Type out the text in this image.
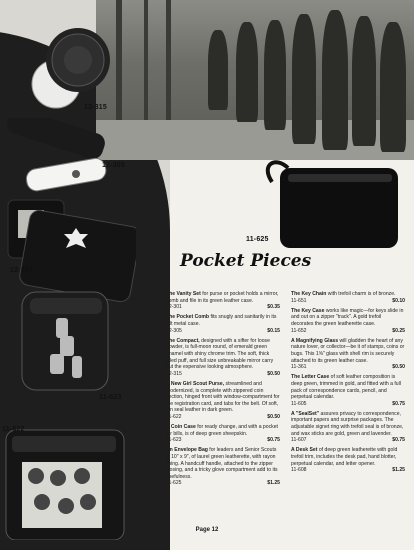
12-315
12-305
12-301
11-623
11-622
11-625
Pocket Pieces

The Vanity Set for purse or pocket holds a mirror, comb and file in its green leather case.
12-301	$0.35

The Pocket Comb fits snugly and sanitarily in its gilt metal case.
12-305	$0.15

The Compact, designed with a sifter for loose powder, is full-moon round, of emerald green enamel with shiny chrome trim. The soft, thick piled puff, and full size unbreakable mirror carry out the expensive looking atmosphere.
12-315	$0.50

A New Girl Scout Purse, streamlined and modernized, is complete with zippered coin section, hinged front with window-compartment for the registration card, and tabs for the belt. Of soft, pin seal leather in dark green.
11-622	$0.50

A Coin Case for ready change, and with a pocket for bills, is of deep green sheepskin.
11-623	$0.75

An Envelope Bag for leaders and Senior Scouts is 10" x 9", of laurel green leatherette, with rayon lining. A handcuff handle, attached to the zipper closing, and a tricky glove compartment add to its usefulness.
11-625	$1.25

The Key Chain with trefoil charm is of bronze.
11-651	$0.10

The Key Case works like magic—for keys slide in and out on a zipper "track". A gold trefoil decorates the green leatherette case.
11-652	$0.25

A Magnifying Glass will gladden the heart of any nature lover, or collector—be it of stamps, coins or bugs. This 1⅝" glass with shell rim is securely attached to its green leather case.
11-361	$0.50

The Letter Case of soft leather composition is deep green, trimmed in gold, and fitted with a full pack of correspondence cards, pencil, and perpetual calendar.
11-605	$0.75

A "SealSet" assures privacy to correspondence, important papers and surprise packages. The adjustable signet ring with trefoil seal is of bronze, and wax sticks are gold, green and lavender.
11-607	$0.75

A Desk Set of deep green leatherette with gold trefoil trim, includes the desk pad, hand blotter, perpetual calendar, and letter opener.
11-608	$1.25

Page 12
